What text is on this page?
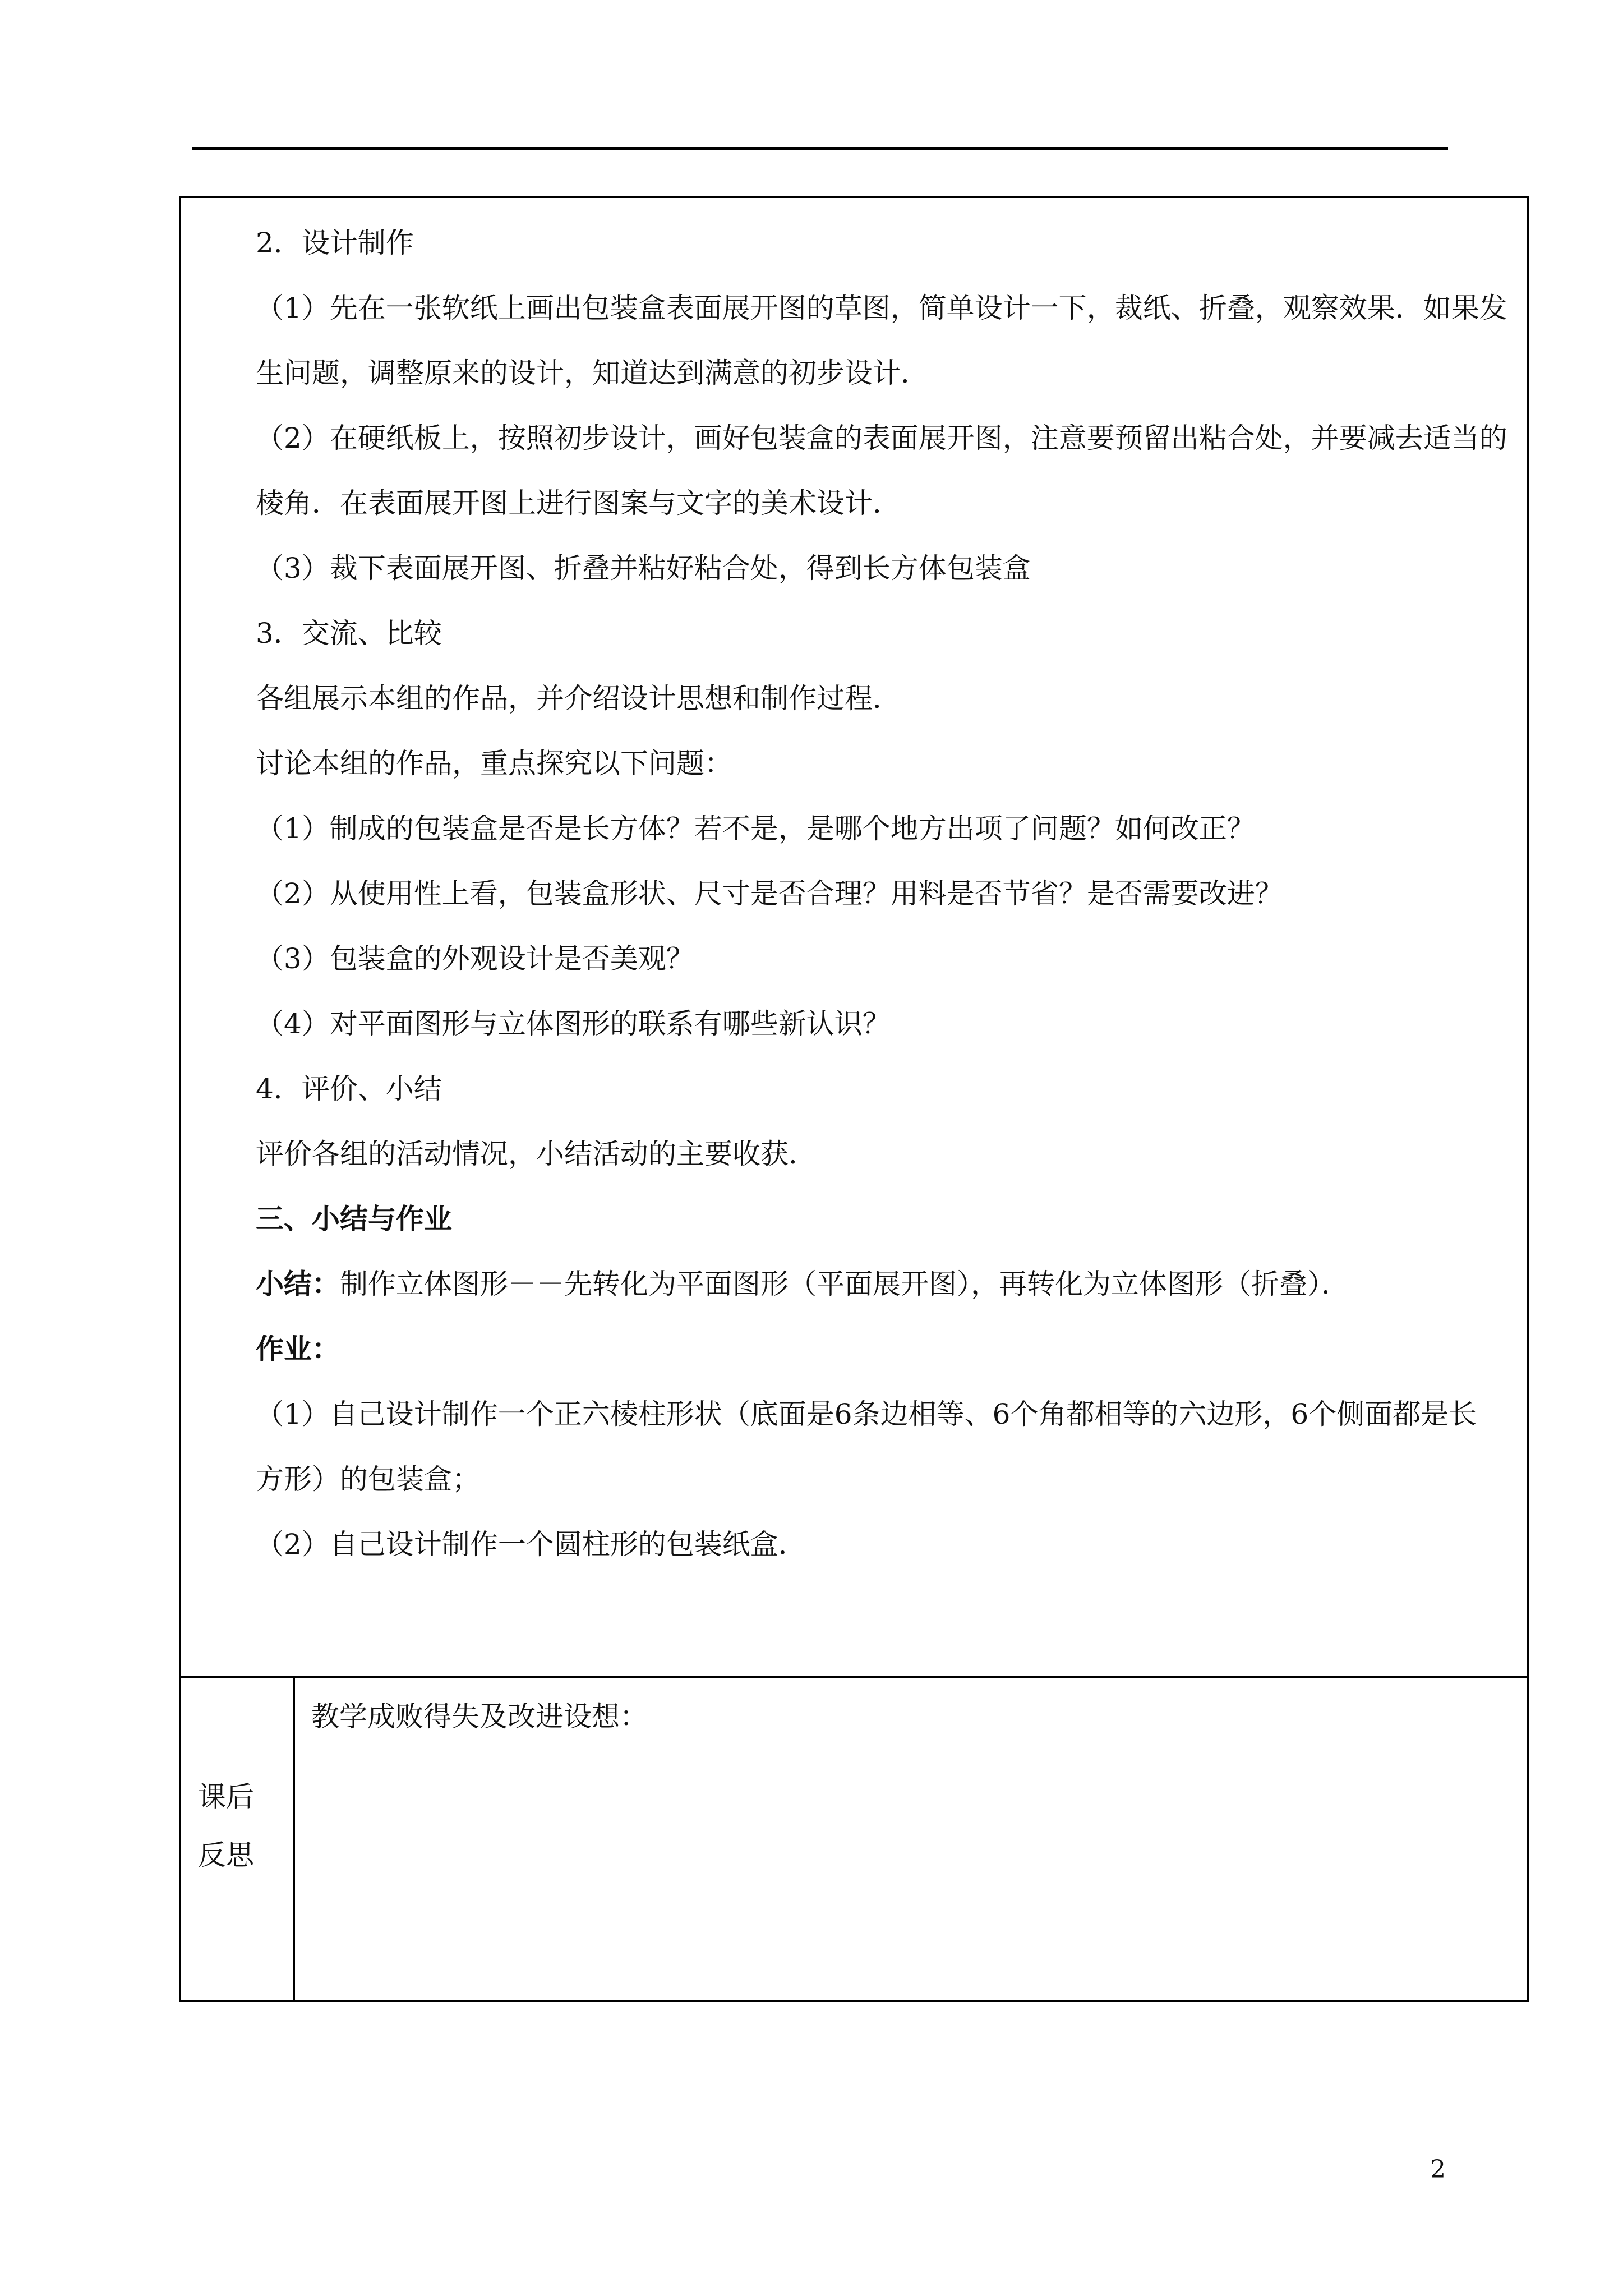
2．设计制作

（1）先在一张软纸上画出包装盒表面展开图的草图，简单设计一下，裁纸、折叠，观察效果．如果发

生问题，调整原来的设计，知道达到满意的初步设计．

（2）在硬纸板上，按照初步设计，画好包装盒的表面展开图，注意要预留出粘合处，并要减去适当的

棱角．在表面展开图上进行图案与文字的美术设计．

（3）裁下表面展开图、折叠并粘好粘合处，得到长方体包装盒

3．交流、比较

各组展示本组的作品，并介绍设计思想和制作过程．

讨论本组的作品，重点探究以下问题：

（1）制成的包装盒是否是长方体？若不是，是哪个地方出项了问题？如何改正？

（2）从使用性上看，包装盒形状、尺寸是否合理？用料是否节省？是否需要改进？

（3）包装盒的外观设计是否美观？

（4）对平面图形与立体图形的联系有哪些新认识？

4．评价、小结

评价各组的活动情况，小结活动的主要收获．

三、小结与作业

小结：制作立体图形－－先转化为平面图形（平面展开图），再转化为立体图形（折叠）．

作业：

（1）自己设计制作一个正六棱柱形状（底面是6条边相等、6个角都相等的六边形，6个侧面都是长

方形）的包装盒；

（2）自己设计制作一个圆柱形的包装纸盒．

课后
反思
教学成败得失及改进设想：
2
